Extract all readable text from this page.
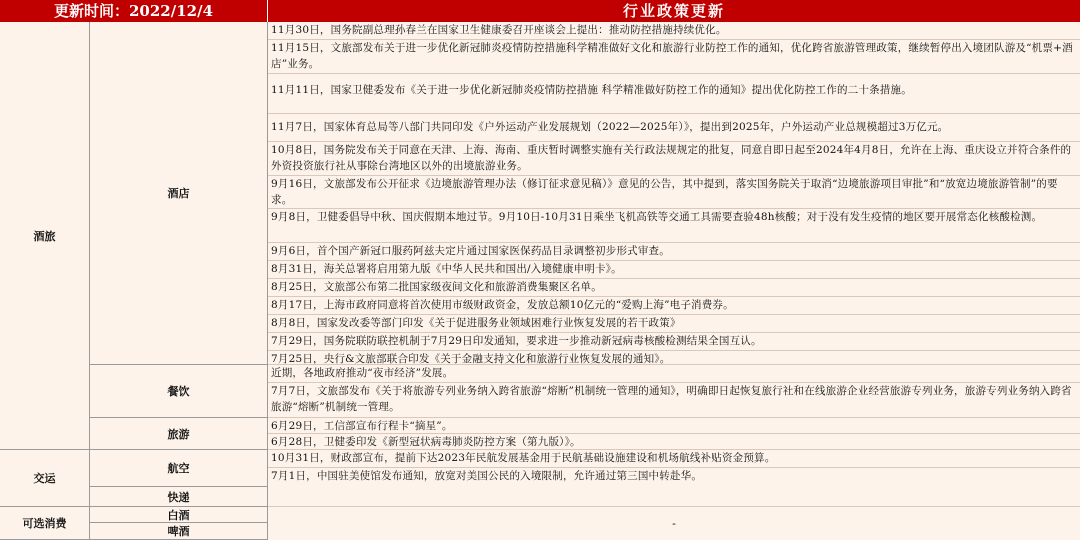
更新时间：2022/12/4	行业政策更新
酒旅
交运
可选消费
酒店
餐饮
旅游
航空
快递
白酒
啤酒
11月30日，国务院副总理孙春兰在国家卫生健康委召开座谈会上提出：推动防控措施持续优化。
11月15日，文旅部发布关于进一步优化新冠肺炎疫情防控措施科学精准做好文化和旅游行业防控工作的通知，优化跨省旅游管理政策，继续暂停出入境团队游及“机票+酒店”业务。
11月11日，国家卫健委发布《关于进一步优化新冠肺炎疫情防控措施 科学精准做好防控工作的通知》提出优化防控工作的二十条措施。
11月7日，国家体育总局等八部门共同印发《户外运动产业发展规划（2022—2025年）》，提出到2025年，户外运动产业总规模超过3万亿元。
10月8日，国务院发布关于同意在天津、上海、海南、重庆暂时调整实施有关行政法规规定的批复，同意自即日起至2024年4月8日，允许在上海、重庆设立并符合条件的外资投资旅行社从事除台湾地区以外的出境旅游业务。
9月16日，文旅部发布公开征求《边境旅游管理办法（修订征求意见稿）》意见的公告，其中提到，落实国务院关于取消“边境旅游项目审批”和“放宽边境旅游管制”的要求。
9月8日，卫健委倡导中秋、国庆假期本地过节。9月10日-10月31日乘坐飞机高铁等交通工具需要查验48h核酸；对于没有发生疫情的地区要开展常态化核酸检测。
9月6日，首个国产新冠口服药阿兹夫定片通过国家医保药品目录调整初步形式审查。
8月31日，海关总署将启用第九版《中华人民共和国出/入境健康申明卡》。
8月25日，文旅部公布第二批国家级夜间文化和旅游消费集聚区名单。
8月17日，上海市政府同意将首次使用市级财政资金，发放总额10亿元的“爱购上海”电子消费券。
8月8日，国家发改委等部门印发《关于促进服务业领域困难行业恢复发展的若干政策》
7月29日，国务院联防联控机制于7月29日印发通知，要求进一步推动新冠病毒核酸检测结果全国互认。
7月25日，央行&文旅部联合印发《关于金融支持文化和旅游行业恢复发展的通知》。
近期，各地政府推动“夜市经济”发展。
7月7日，文旅部发布《关于将旅游专列业务纳入跨省旅游“熔断”机制统一管理的通知》，明确即日起恢复旅行社和在线旅游企业经营旅游专列业务，旅游专列业务纳入跨省旅游“熔断”机制统一管理。
6月29日，工信部宣布行程卡“摘星”。
6月28日，卫健委印发《新型冠状病毒肺炎防控方案（第九版）》。
10月31日，财政部宣布，提前下达2023年民航发展基金用于民航基础设施建设和机场航线补贴资金预算。
7月1日，中国驻美使馆发布通知，放宽对美国公民的入境限制，允许通过第三国中转赴华。
-
